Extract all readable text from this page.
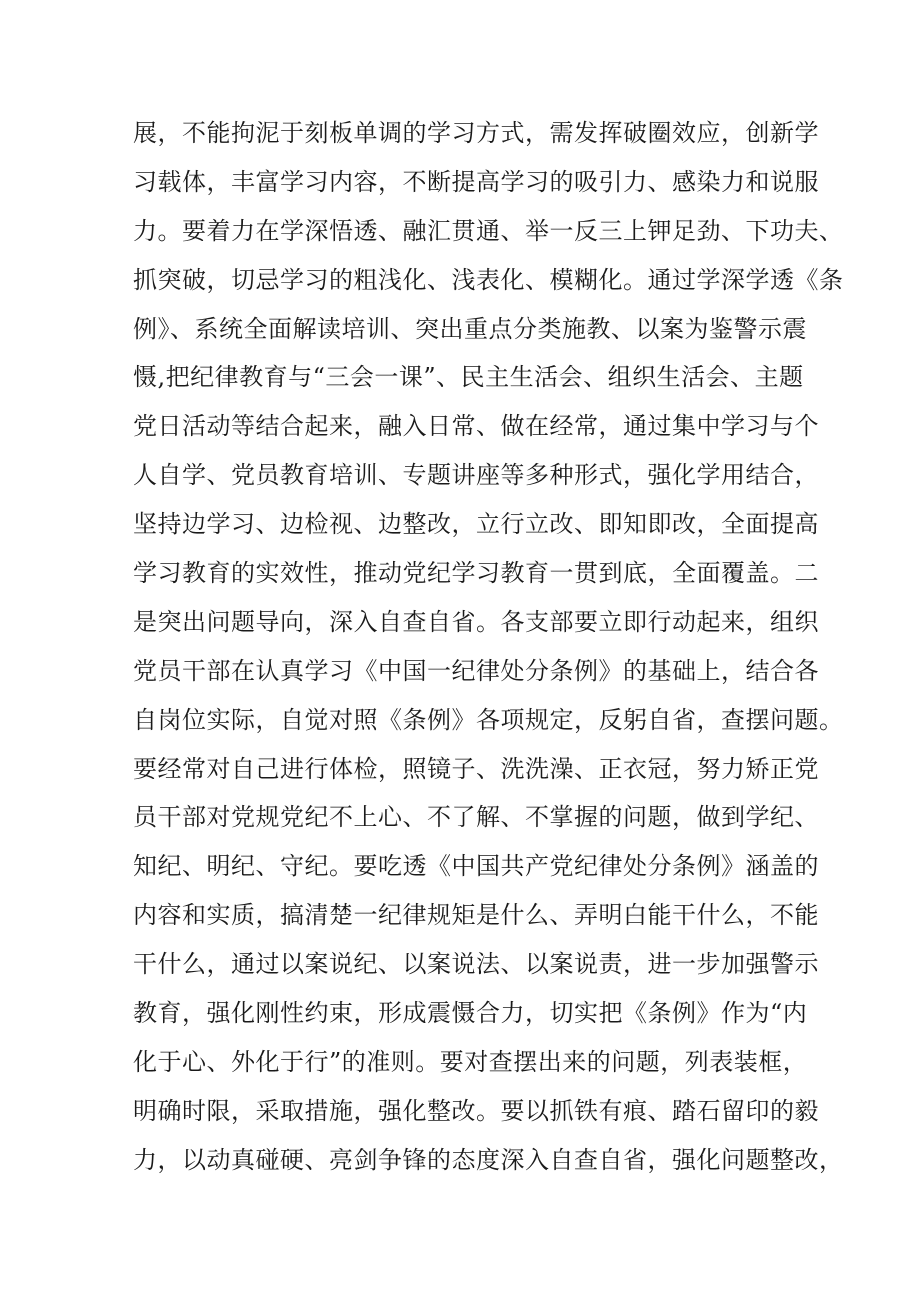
展，不能拘泥于刻板单调的学习方式，需发挥破圈效应，创新学
习载体，丰富学习内容，不断提高学习的吸引力、感染力和说服
力。要着力在学深悟透、融汇贯通、举一反三上钾足劲、下功夫、
抓突破，切忌学习的粗浅化、浅表化、模糊化。通过学深学透《条
例》、系统全面解读培训、突出重点分类施教、以案为鉴警示震
慑,把纪律教育与“三会一课”、民主生活会、组织生活会、主题
党日活动等结合起来，融入日常、做在经常，通过集中学习与个
人自学、党员教育培训、专题讲座等多种形式，强化学用结合，
坚持边学习、边检视、边整改，立行立改、即知即改，全面提高
学习教育的实效性，推动党纪学习教育一贯到底，全面覆盖。二
是突出问题导向，深入自查自省。各支部要立即行动起来，组织
党员干部在认真学习《中国一纪律处分条例》的基础上，结合各
自岗位实际，自觉对照《条例》各项规定，反躬自省，查摆问题。
要经常对自己进行体检，照镜子、洗洗澡、正衣冠，努力矫正党
员干部对党规党纪不上心、不了解、不掌握的问题，做到学纪、
知纪、明纪、守纪。要吃透《中国共产党纪律处分条例》涵盖的
内容和实质，搞清楚一纪律规矩是什么、弄明白能干什么，不能
干什么，通过以案说纪、以案说法、以案说责，进一步加强警示
教育，强化刚性约束，形成震慑合力，切实把《条例》作为“内
化于心、外化于行”的准则。要对查摆出来的问题，列表装框，
明确时限，采取措施，强化整改。要以抓铁有痕、踏石留印的毅
力，以动真碰硬、亮剑争锋的态度深入自查自省，强化问题整改，
